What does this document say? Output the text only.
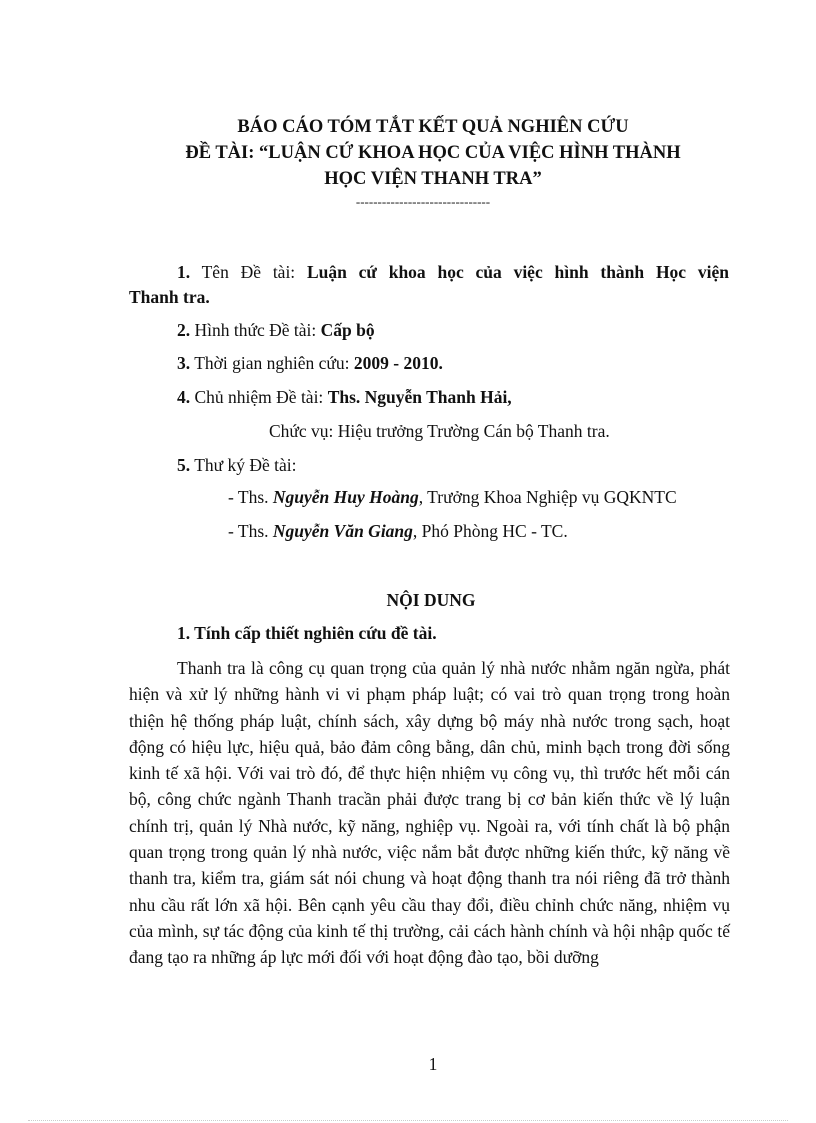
BÁO CÁO TÓM TẮT KẾT QUẢ NGHIÊN CỨU
ĐỀ TÀI: “LUẬN CỨ KHOA HỌC CỦA VIỆC HÌNH THÀNH
HỌC VIỆN THANH TRA”
-------------------------------
1. Tên Đề tài: Luận cứ khoa học của việc hình thành Học viện
Thanh tra.
2. Hình thức Đề tài: Cấp bộ
3. Thời gian nghiên cứu: 2009 - 2010.
4. Chủ nhiệm Đề tài: Ths. Nguyễn Thanh Hải,
Chức vụ: Hiệu trưởng Trường Cán bộ Thanh tra.
5. Thư ký Đề tài:
- Ths. Nguyễn Huy Hoàng, Trưởng Khoa Nghiệp vụ GQKNTC
- Ths. Nguyễn Văn Giang, Phó Phòng HC - TC.
NỘI DUNG
1. Tính cấp thiết nghiên cứu đề tài.
Thanh tra là công cụ quan trọng của quản lý nhà nước nhằm ngăn ngừa, phát hiện và xử lý những hành vi vi phạm pháp luật; có vai trò quan trọng trong hoàn thiện hệ thống pháp luật, chính sách, xây dựng bộ máy nhà nước trong sạch, hoạt động có hiệu lực, hiệu quả, bảo đảm công bằng, dân chủ, minh bạch trong đời sống kinh tế xã hội. Với vai trò đó, để thực hiện nhiệm vụ công vụ, thì trước hết mỗi cán bộ, công chức ngành Thanh tracần phải được trang bị cơ bản kiến thức về lý luận chính trị, quản lý Nhà nước, kỹ năng, nghiệp vụ. Ngoài ra, với tính chất là bộ phận quan trọng trong quản lý nhà nước, việc nắm bắt được những kiến thức, kỹ năng về thanh tra, kiểm tra, giám sát nói chung và hoạt động thanh tra nói riêng đã trở thành nhu cầu rất lớn xã hội. Bên cạnh yêu cầu thay đổi, điều chỉnh chức năng, nhiệm vụ của mình, sự tác động của kinh tế thị trường, cải cách hành chính và hội nhập quốc tế đang tạo ra những áp lực mới đối với hoạt động đào tạo, bồi dưỡng
1
